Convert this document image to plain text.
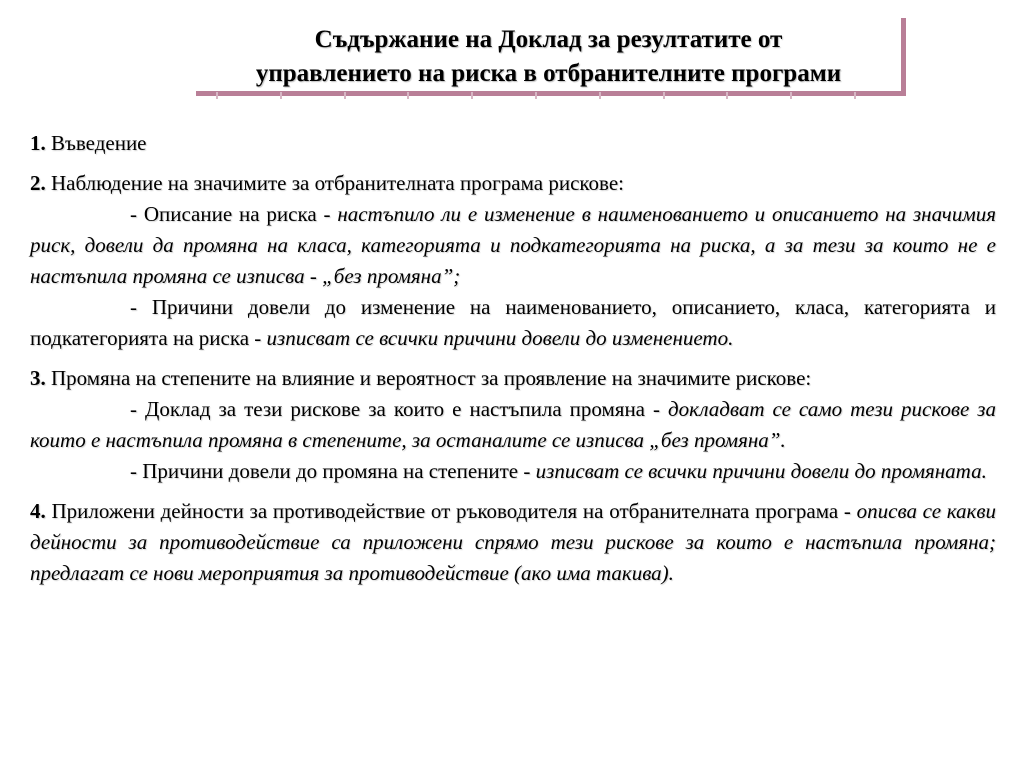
Съдържание на Доклад за резултатите от
управлението на риска в отбранителните програми
1. Въведение
2. Наблюдение на значимите за отбранителната програма рискове:
- Описание на риска - настъпило ли е изменение в наименованието и описанието на значимия риск, довели да промяна на класа, категорията и подкатегорията на риска, а за тези за които не е настъпила промяна се изписва - „без промяна”;
- Причини довели до изменение на наименованието, описанието, класа, категорията и подкатегорията на риска - изписват се всички причини довели до изменението.
3. Промяна на степените на влияние и вероятност за проявление на значимите рискове:
- Доклад за тези рискове за които е настъпила промяна - докладват се само тези рискове за които е настъпила промяна в степените, за останалите се изписва „без промяна”.
- Причини довели до промяна на степените - изписват се всички причини довели до промяната.
4. Приложени дейности за противодействие от ръководителя на отбранителната програма - описва се какви дейности за противодействие са приложени спрямо тези рискове за които е настъпила промяна; предлагат се нови мероприятия за противодействие (ако има такива).
